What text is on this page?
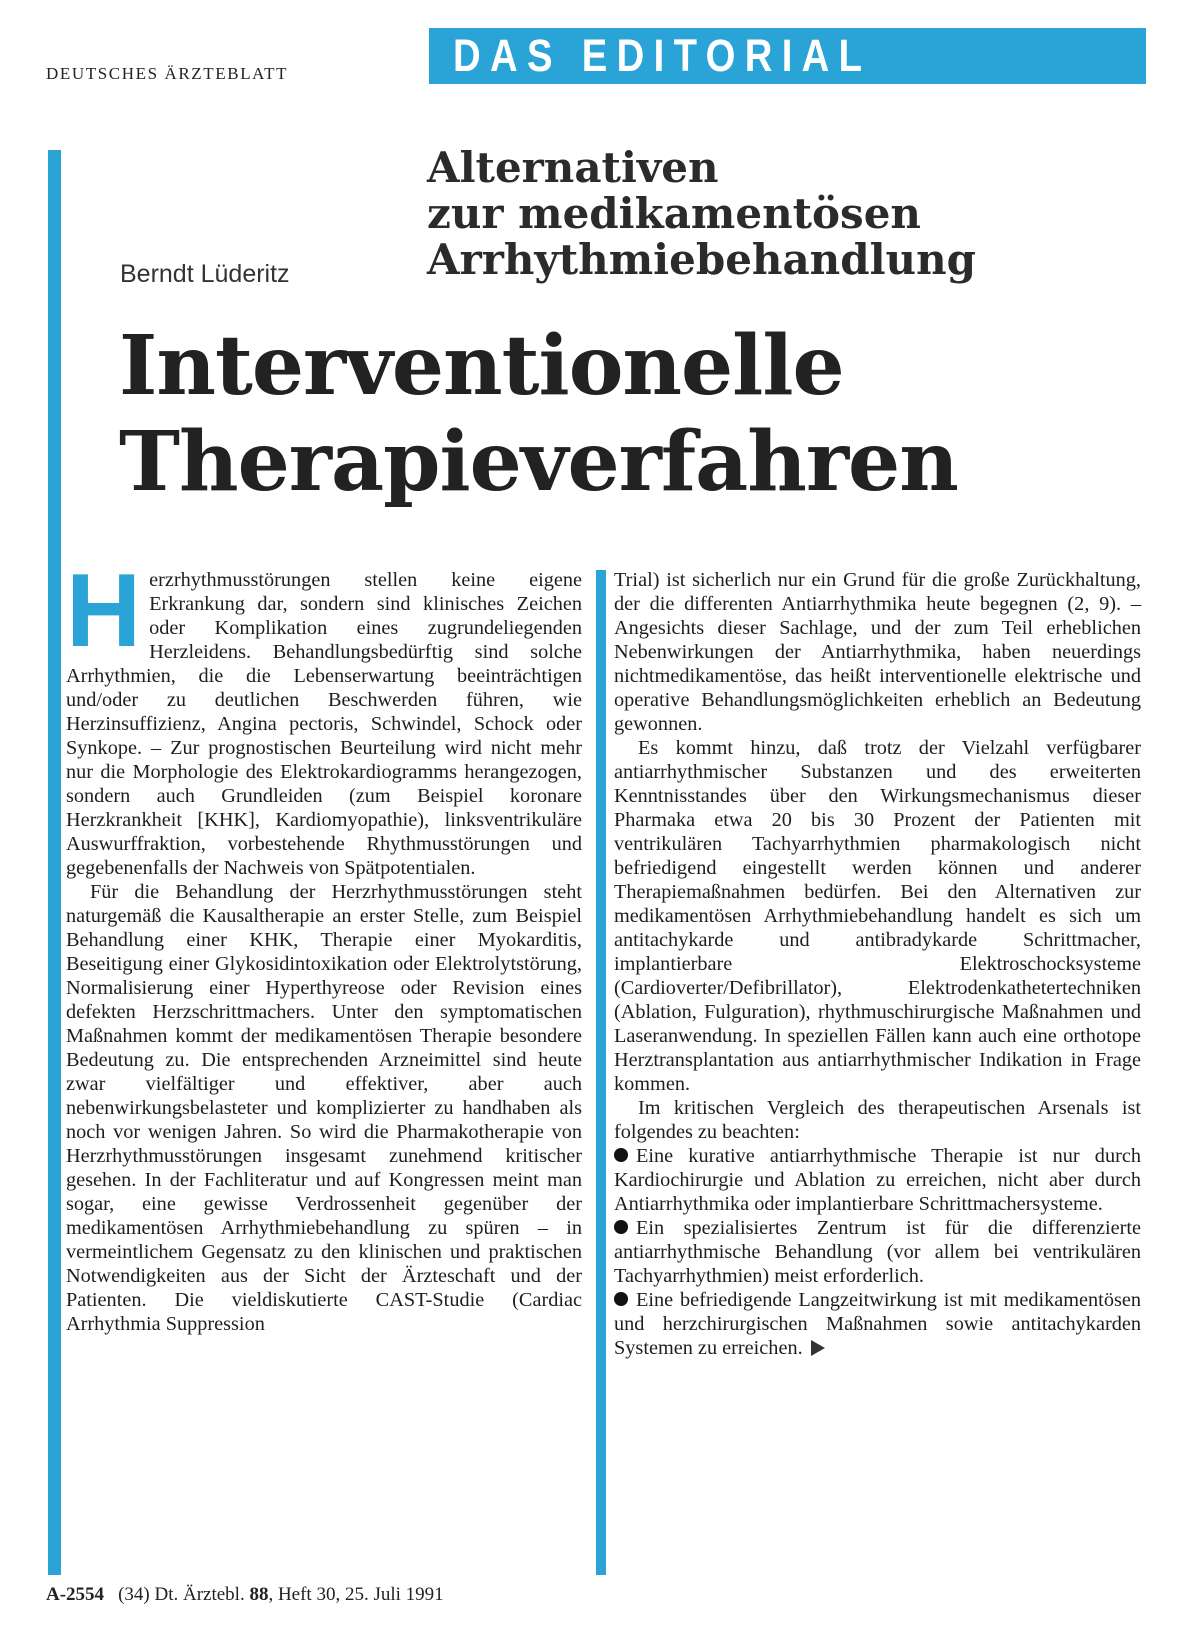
DEUTSCHES ÄRZTEBLATT	DAS EDITORIAL
Berndt Lüderitz
Alternativen
zur medikamentösen
Arrhythmiebehandlung
Interventionelle
Therapieverfahren

Herzrhythmusstörungen stellen keine eigene Erkrankung dar, sondern sind klinisches Zeichen oder Komplikation eines zugrundeliegenden Herzleidens. Behandlungsbedürftig sind solche Arrhythmien, die die Lebenserwartung beeinträchtigen und/oder zu deutlichen Beschwerden führen, wie Herzinsuffizienz, Angina pectoris, Schwindel, Schock oder Synkope. – Zur prognostischen Beurteilung wird nicht mehr nur die Morphologie des Elektrokardiogramms herangezogen, sondern auch Grundleiden (zum Beispiel koronare Herzkrankheit [KHK], Kardiomyopathie), linksventrikuläre Auswurffraktion, vorbestehende Rhythmusstörungen und gegebenenfalls der Nachweis von Spätpotentialen.

Für die Behandlung der Herzrhythmusstörungen steht naturgemäß die Kausaltherapie an erster Stelle, zum Beispiel Behandlung einer KHK, Therapie einer Myokarditis, Beseitigung einer Glykosidintoxikation oder Elektrolytstörung, Normalisierung einer Hyperthyreose oder Revision eines defekten Herzschrittmachers. Unter den symptomatischen Maßnahmen kommt der medikamentösen Therapie besondere Bedeutung zu. Die entsprechenden Arzneimittel sind heute zwar vielfältiger und effektiver, aber auch nebenwirkungsbelasteter und komplizierter zu handhaben als noch vor wenigen Jahren. So wird die Pharmakotherapie von Herzrhythmusstörungen insgesamt zunehmend kritischer gesehen. In der Fachliteratur und auf Kongressen meint man sogar, eine gewisse Verdrossenheit gegenüber der medikamentösen Arrhythmiebehandlung zu spüren – in vermeintlichem Gegensatz zu den klinischen und praktischen Notwendigkeiten aus der Sicht der Ärzteschaft und der Patienten. Die vieldiskutierte CAST-Studie (Cardiac Arrhythmia Suppression

Trial) ist sicherlich nur ein Grund für die große Zurückhaltung, der die differenten Antiarrhythmika heute begegnen (2, 9). – Angesichts dieser Sachlage, und der zum Teil erheblichen Nebenwirkungen der Antiarrhythmika, haben neuerdings nichtmedikamentöse, das heißt interventionelle elektrische und operative Behandlungsmöglichkeiten erheblich an Bedeutung gewonnen.

Es kommt hinzu, daß trotz der Vielzahl verfügbarer antiarrhythmischer Substanzen und des erweiterten Kenntnisstandes über den Wirkungsmechanismus dieser Pharmaka etwa 20 bis 30 Prozent der Patienten mit ventrikulären Tachyarrhythmien pharmakologisch nicht befriedigend eingestellt werden können und anderer Therapiemaßnahmen bedürfen. Bei den Alternativen zur medikamentösen Arrhythmiebehandlung handelt es sich um antitachykarde und antibradykarde Schrittmacher, implantierbare Elektroschocksysteme (Cardioverter/Defibrillator), Elektrodenkathetertechniken (Ablation, Fulguration), rhythmuschirurgische Maßnahmen und Laseranwendung. In speziellen Fällen kann auch eine orthotope Herztransplantation aus antiarrhythmischer Indikation in Frage kommen.

Im kritischen Vergleich des therapeutischen Arsenals ist folgendes zu beachten:

Eine kurative antiarrhythmische Therapie ist nur durch Kardiochirurgie und Ablation zu erreichen, nicht aber durch Antiarrhythmika oder implantierbare Schrittmachersysteme.

Ein spezialisiertes Zentrum ist für die differenzierte antiarrhythmische Behandlung (vor allem bei ventrikulären Tachyarrhythmien) meist erforderlich.

Eine befriedigende Langzeitwirkung ist mit medikamentösen und herzchirurgischen Maßnahmen sowie antitachykarden Systemen zu erreichen.

A-2554 (34) Dt. Ärztebl. 88, Heft 30, 25. Juli 1991
